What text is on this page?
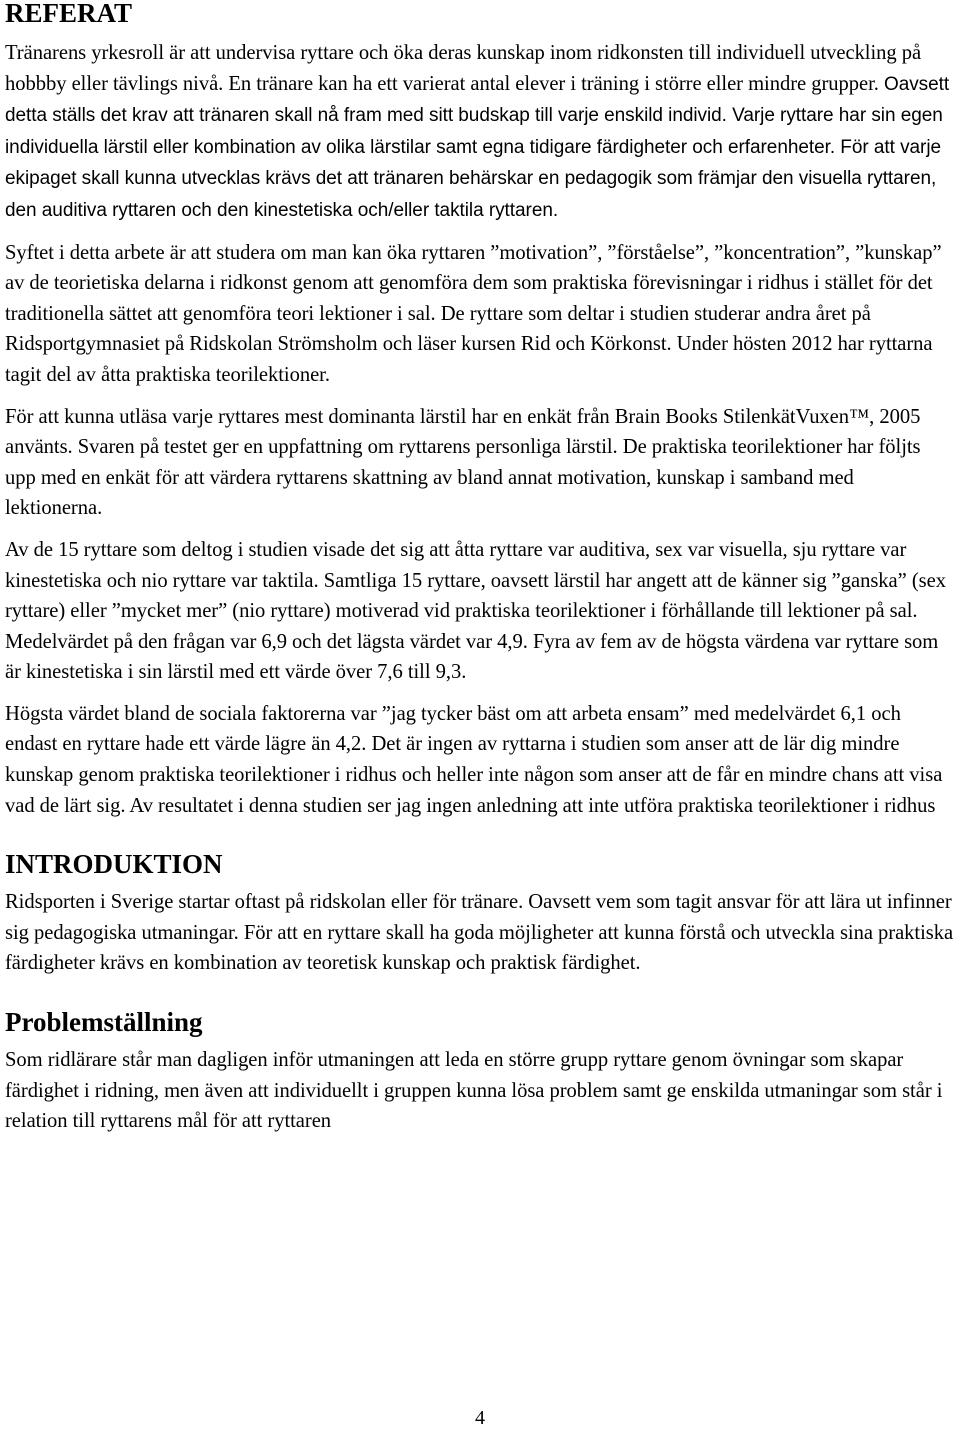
REFERAT

Tränarens yrkesroll är att undervisa ryttare och öka deras kunskap inom ridkonsten till individuell utveckling på hobbby eller tävlings nivå. En tränare kan ha ett varierat antal elever i träning i större eller mindre grupper. Oavsett detta ställs det krav att tränaren skall nå fram med sitt budskap till varje enskild individ. Varje ryttare har sin egen individuella lärstil eller kombination av olika lärstilar samt egna tidigare färdigheter och erfarenheter. För att varje ekipaget skall kunna utvecklas krävs det att tränaren behärskar en pedagogik som främjar den visuella ryttaren, den auditiva ryttaren och den kinestetiska och/eller taktila ryttaren.

Syftet i detta arbete är att studera om man kan öka ryttaren ”motivation”, ”förståelse”, ”koncentration”, ”kunskap” av de teorietiska delarna i ridkonst genom att genomföra dem som praktiska förevisningar i ridhus i stället för det traditionella sättet att genomföra teori lektioner i sal. De ryttare som deltar i studien studerar andra året på Ridsportgymnasiet på Ridskolan Strömsholm och läser kursen Rid och Körkonst. Under hösten 2012 har ryttarna tagit del av åtta praktiska teorilektioner.

För att kunna utläsa varje ryttares mest dominanta lärstil har en enkät från Brain Books StilenkätVuxen™, 2005 använts. Svaren på testet ger en uppfattning om ryttarens personliga lärstil. De praktiska teorilektioner har följts upp med en enkät för att värdera ryttarens skattning av bland annat motivation, kunskap i samband med lektionerna.

Av de 15 ryttare som deltog i studien visade det sig att åtta ryttare var auditiva, sex var visuella, sju ryttare var kinestetiska och nio ryttare var taktila. Samtliga 15 ryttare, oavsett lärstil har angett att de känner sig ”ganska” (sex ryttare) eller ”mycket mer” (nio ryttare) motiverad vid praktiska teorilektioner i förhållande till lektioner på sal. Medelvärdet på den frågan var 6,9 och det lägsta värdet var 4,9. Fyra av fem av de högsta värdena var ryttare som är kinestetiska i sin lärstil med ett värde över 7,6 till 9,3.

Högsta värdet bland de sociala faktorerna var ”jag tycker bäst om att arbeta ensam” med medelvärdet 6,1 och endast en ryttare hade ett värde lägre än 4,2. Det är ingen av ryttarna i studien som anser att de lär dig mindre kunskap genom praktiska teorilektioner i ridhus och heller inte någon som anser att de får en mindre chans att visa vad de lärt sig. Av resultatet i denna studien ser jag ingen anledning att inte utföra praktiska teorilektioner i ridhus

INTRODUKTION

Ridsporten i Sverige startar oftast på ridskolan eller för tränare. Oavsett vem som tagit ansvar för att lära ut infinner sig pedagogiska utmaningar. För att en ryttare skall ha goda möjligheter att kunna förstå och utveckla sina praktiska färdigheter krävs en kombination av teoretisk kunskap och praktisk färdighet.

Problemställning

Som ridlärare står man dagligen inför utmaningen att leda en större grupp ryttare genom övningar som skapar färdighet i ridning, men även att individuellt i gruppen kunna lösa problem samt ge enskilda utmaningar som står i relation till ryttarens mål för att ryttaren

4
